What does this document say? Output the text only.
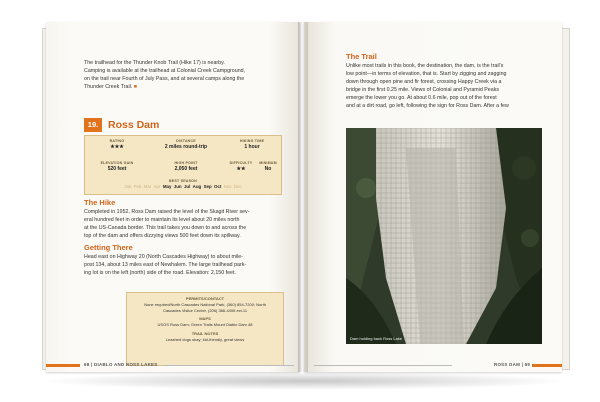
The trailhead for the Thunder Knob Trail (Hike 17) is nearby.

Camping is available at the trailhead at Colonial Creek Campground,

on the trail near Fourth of July Pass, and at several camps along the

Thunder Creek Trail. ■

19. Ross Dam
RATING
★★★
DISTANCE
2 miles round-trip
HIKING TIME
1 hour
ELEVATION GAIN
520 feet
HIGH POINT
2,050 feet
DIFFICULTY
★★
MINIMUM
No
BEST SEASON
Jan Feb Mar Apr May Jun Jul Aug Sep Oct Nov Dec
The Hike

Completed in 1952, Ross Dam raised the level of the Skagit River sev-

eral hundred feet in order to maintain its level about 20 miles north

at the US-Canada border. This trail takes you down to and across the

top of the dam and offers dizzying views 500 feet down its spillway.

Getting There

Head east on Highway 20 (North Cascades Highway) to about mile-

post 134, about 13 miles east of Newhalem. The large trailhead park-

ing lot is on the left (north) side of the road. Elevation: 2,150 feet.

PERMITS/CONTACT
None required/North Cascades National Park, (360) 854-7200; North
Cascades Visitor Center, (206) 386-4495 ext.11
MAPS
USGS Ross Dam; Green Trails Mount Diablo Dam 48
TRAIL NOTES
Leashed dogs okay; kid-friendly, great views
68 | DIABLO AND ROSS LAKES
The Trail

Unlike most trails in this book, the destination, the dam, is the trail's

low point—in terms of elevation, that is. Start by zigging and zagging

down through open pine and fir forest, crossing Happy Creek via a

bridge in the first 0.25 mile. Views of Colonial and Pyramid Peaks

emerge the lower you go. At about 0.6 mile, pop out of the forest

and at a dirt road, go left, following the sign for Ross Dam. After a few

Dam holding back Ross Lake
ROSS DAM | 69
